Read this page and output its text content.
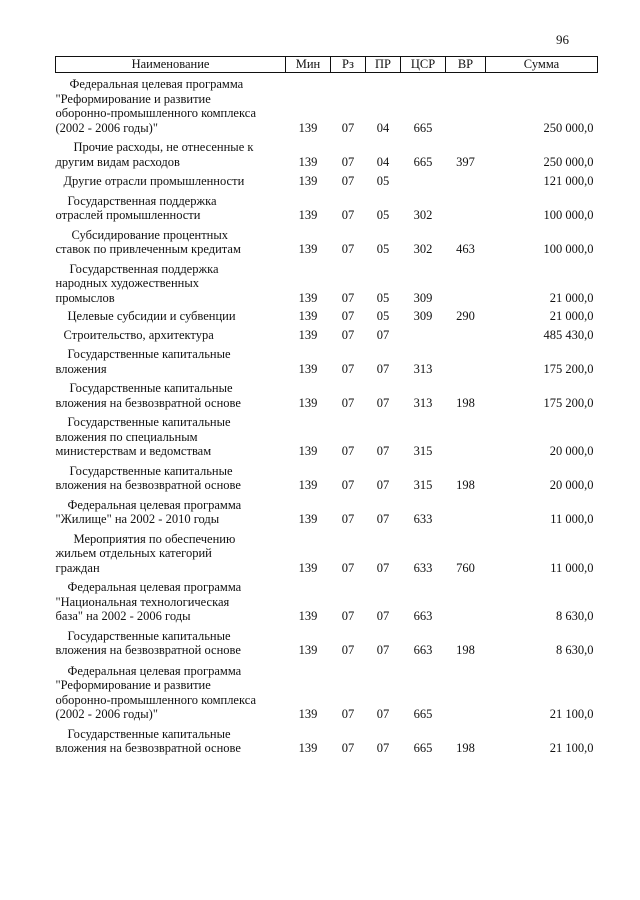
96
Наименование	Мин	Рз	ПР	ЦСР	ВР	Сумма

Федеральная целевая программа
"Реформирование и развитие
оборонно-промышленного комплекса
(2002 - 2006 годы)"	139	07	04	665		250 000,0

Прочие расходы, не отнесенные к
другим видам расходов	139	07	04	665	397	250 000,0

Другие отрасли промышленности	139	07	05			121 000,0

Государственная поддержка
отраслей промышленности	139	07	05	302		100 000,0

Субсидирование процентных
ставок по привлеченным кредитам	139	07	05	302	463	100 000,0

Государственная поддержка
народных художественных
промыслов	139	07	05	309		21 000,0

Целевые субсидии и субвенции	139	07	05	309	290	21 000,0

Строительство, архитектура	139	07	07			485 430,0

Государственные капитальные
вложения	139	07	07	313		175 200,0

Государственные капитальные
вложения на безвозвратной основе	139	07	07	313	198	175 200,0

Государственные капитальные
вложения по специальным
министерствам и ведомствам	139	07	07	315		20 000,0

Государственные капитальные
вложения на безвозвратной основе	139	07	07	315	198	20 000,0

Федеральная целевая программа
"Жилище" на 2002 - 2010 годы	139	07	07	633		11 000,0

Мероприятия по обеспечению
жильем отдельных категорий
граждан	139	07	07	633	760	11 000,0

Федеральная целевая программа
"Национальная технологическая
база" на 2002 - 2006 годы	139	07	07	663		8 630,0

Государственные капитальные
вложения на безвозвратной основе	139	07	07	663	198	8 630,0

Федеральная целевая программа
"Реформирование и развитие
оборонно-промышленного комплекса
(2002 - 2006 годы)"	139	07	07	665		21 100,0

Государственные капитальные
вложения на безвозвратной основе	139	07	07	665	198	21 100,0
